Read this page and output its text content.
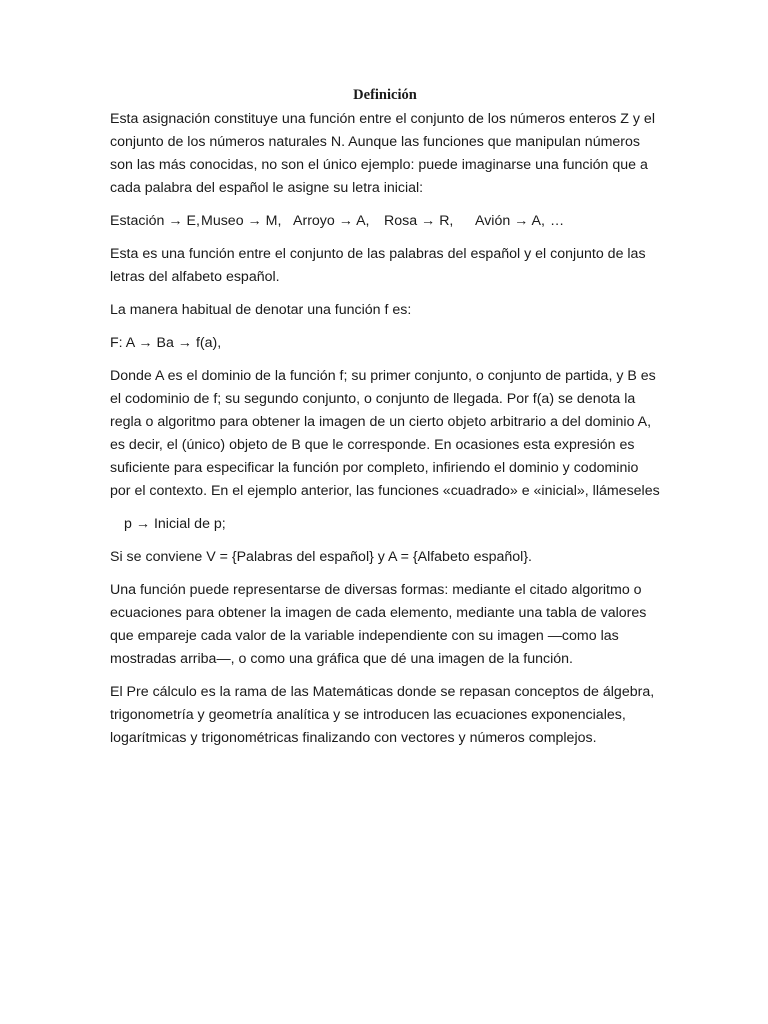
Definición

Esta asignación constituye una función entre el conjunto de los números enteros Z y el conjunto de los números naturales N. Aunque las funciones que manipulan números son las más conocidas, no son el único ejemplo: puede imaginarse una función que a cada palabra del español le asigne su letra inicial:

Estación → E, Museo → M, Arroyo → A,	Rosa → R,	Avión → A, …

Esta es una función entre el conjunto de las palabras del español y el conjunto de las letras del alfabeto español.

La manera habitual de denotar una función f es:

F: A → Ba → f(a),

Donde A es el dominio de la función f; su primer conjunto, o conjunto de partida, y B es el codominio de f; su segundo conjunto, o conjunto de llegada. Por f(a) se denota la regla o algoritmo para obtener la imagen de un cierto objeto arbitrario a del dominio A, es decir, el (único) objeto de B que le corresponde. En ocasiones esta expresión es suficiente para especificar la función por completo, infiriendo el dominio y codominio por el contexto. En el ejemplo anterior, las funciones «cuadrado» e «inicial», llámeseles

p → Inicial de p;

Si se conviene V = {Palabras del español} y A = {Alfabeto español}.

Una función puede representarse de diversas formas: mediante el citado algoritmo o ecuaciones para obtener la imagen de cada elemento, mediante una tabla de valores que empareje cada valor de la variable independiente con su imagen —como las mostradas arriba—, o como una gráfica que dé una imagen de la función.

El Pre cálculo es la rama de las Matemáticas donde se repasan conceptos de álgebra, trigonometría y geometría analítica y se introducen las ecuaciones exponenciales, logarítmicas y trigonométricas finalizando con vectores y números complejos.
